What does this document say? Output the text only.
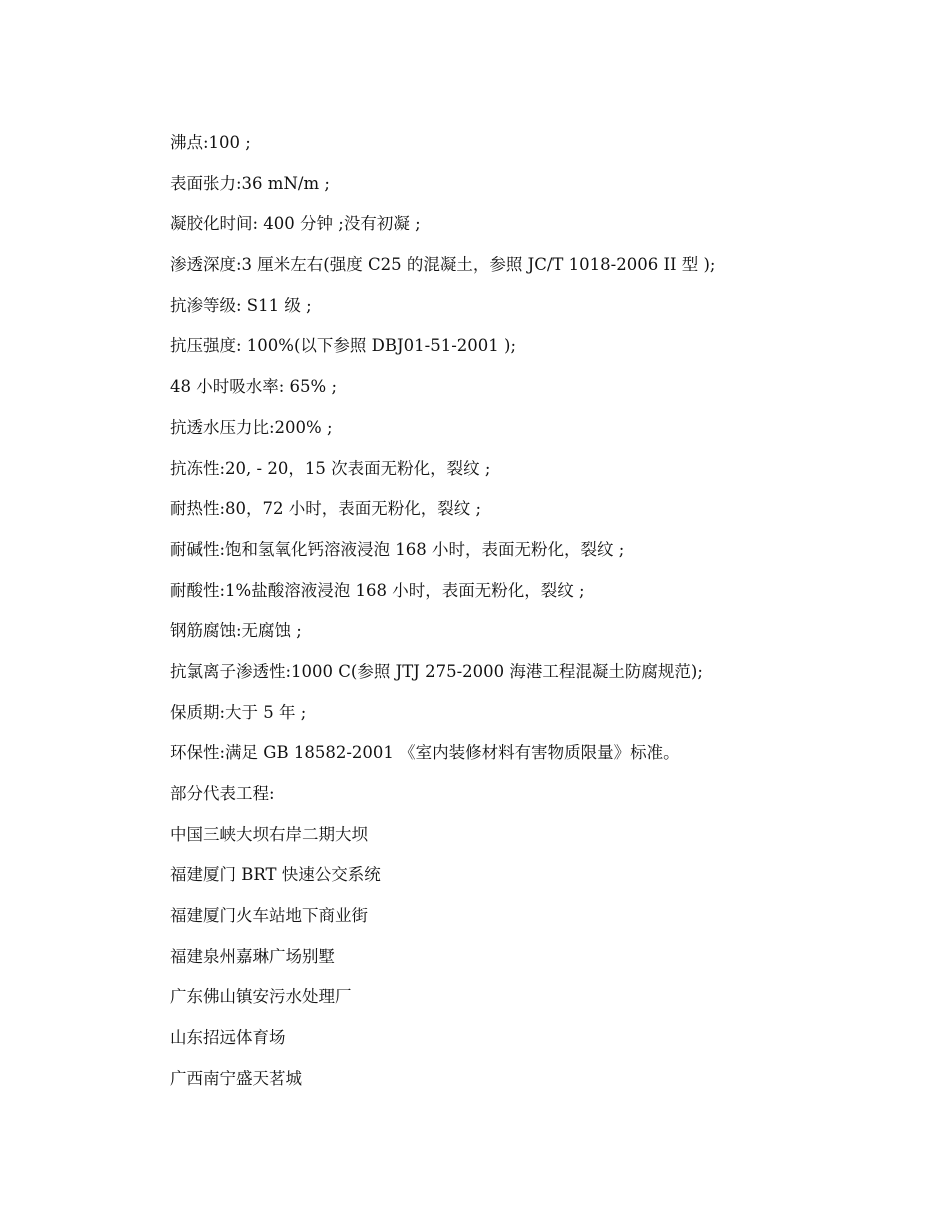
沸点:100 ;
表面张力:36 mN/m ;
凝胶化时间: 400 分钟 ;没有初凝 ;
渗透深度:3 厘米左右(强度 C25 的混凝土，参照 JC/T 1018-2006 II 型 );
抗渗等级: S11 级 ;
抗压强度: 100%(以下参照 DBJ01-51-2001 );
48 小时吸水率: 65% ;
抗透水压力比:200% ;
抗冻性:20, - 20，15 次表面无粉化，裂纹 ;
耐热性:80，72 小时，表面无粉化，裂纹 ;
耐碱性:饱和氢氧化钙溶液浸泡 168 小时，表面无粉化，裂纹 ;
耐酸性:1%盐酸溶液浸泡 168 小时，表面无粉化，裂纹 ;
钢筋腐蚀:无腐蚀 ;
抗氯离子渗透性:1000 C(参照 JTJ 275-2000 海港工程混凝土防腐规范);
保质期:大于 5 年 ;
环保性:满足 GB 18582-2001 《室内装修材料有害物质限量》标准。
部分代表工程:
中国三峡大坝右岸二期大坝
福建厦门 BRT 快速公交系统
福建厦门火车站地下商业街
福建泉州嘉琳广场别墅
广东佛山镇安污水处理厂
山东招远体育场
广西南宁盛天茗城
